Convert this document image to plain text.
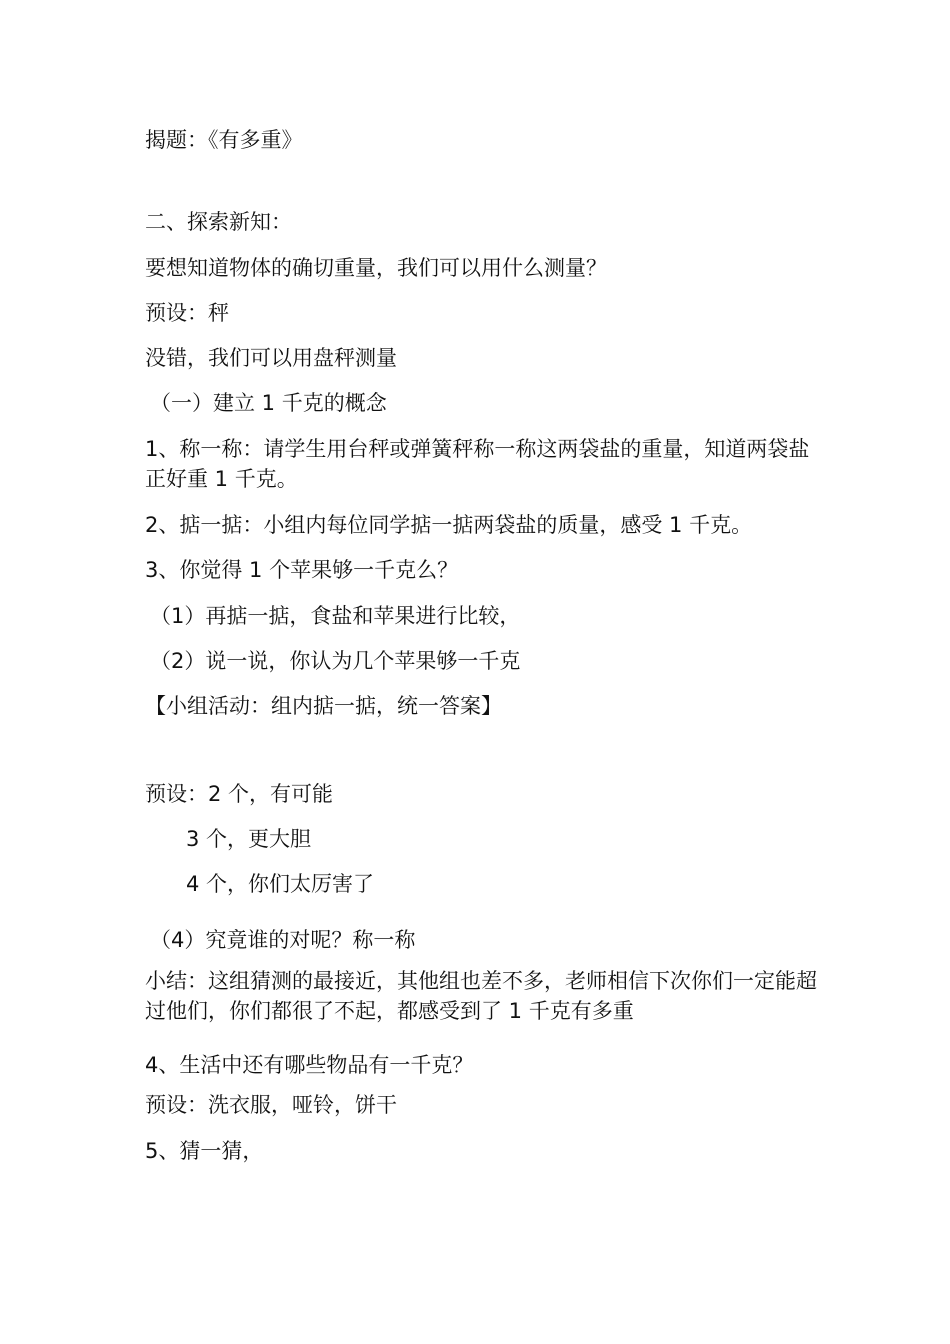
揭题：《有多重》
二、探索新知：
要想知道物体的确切重量，我们可以用什么测量？
预设：秤
没错，我们可以用盘秤测量
（一）建立 1 千克的概念
1、称一称：请学生用台秤或弹簧秤称一称这两袋盐的重量，知道两袋盐正好重 1 千克。
2、掂一掂：小组内每位同学掂一掂两袋盐的质量，感受 1 千克。
3、你觉得 1 个苹果够一千克么？
（1）再掂一掂，食盐和苹果进行比较，
（2）说一说，你认为几个苹果够一千克
【小组活动：组内掂一掂，统一答案】
预设：2 个，有可能
3 个，更大胆
4 个，你们太厉害了
（4）究竟谁的对呢？称一称
小结：这组猜测的最接近，其他组也差不多，老师相信下次你们一定能超过他们，你们都很了不起，都感受到了 1 千克有多重
4、生活中还有哪些物品有一千克？
预设：洗衣服，哑铃，饼干
5、猜一猜，
